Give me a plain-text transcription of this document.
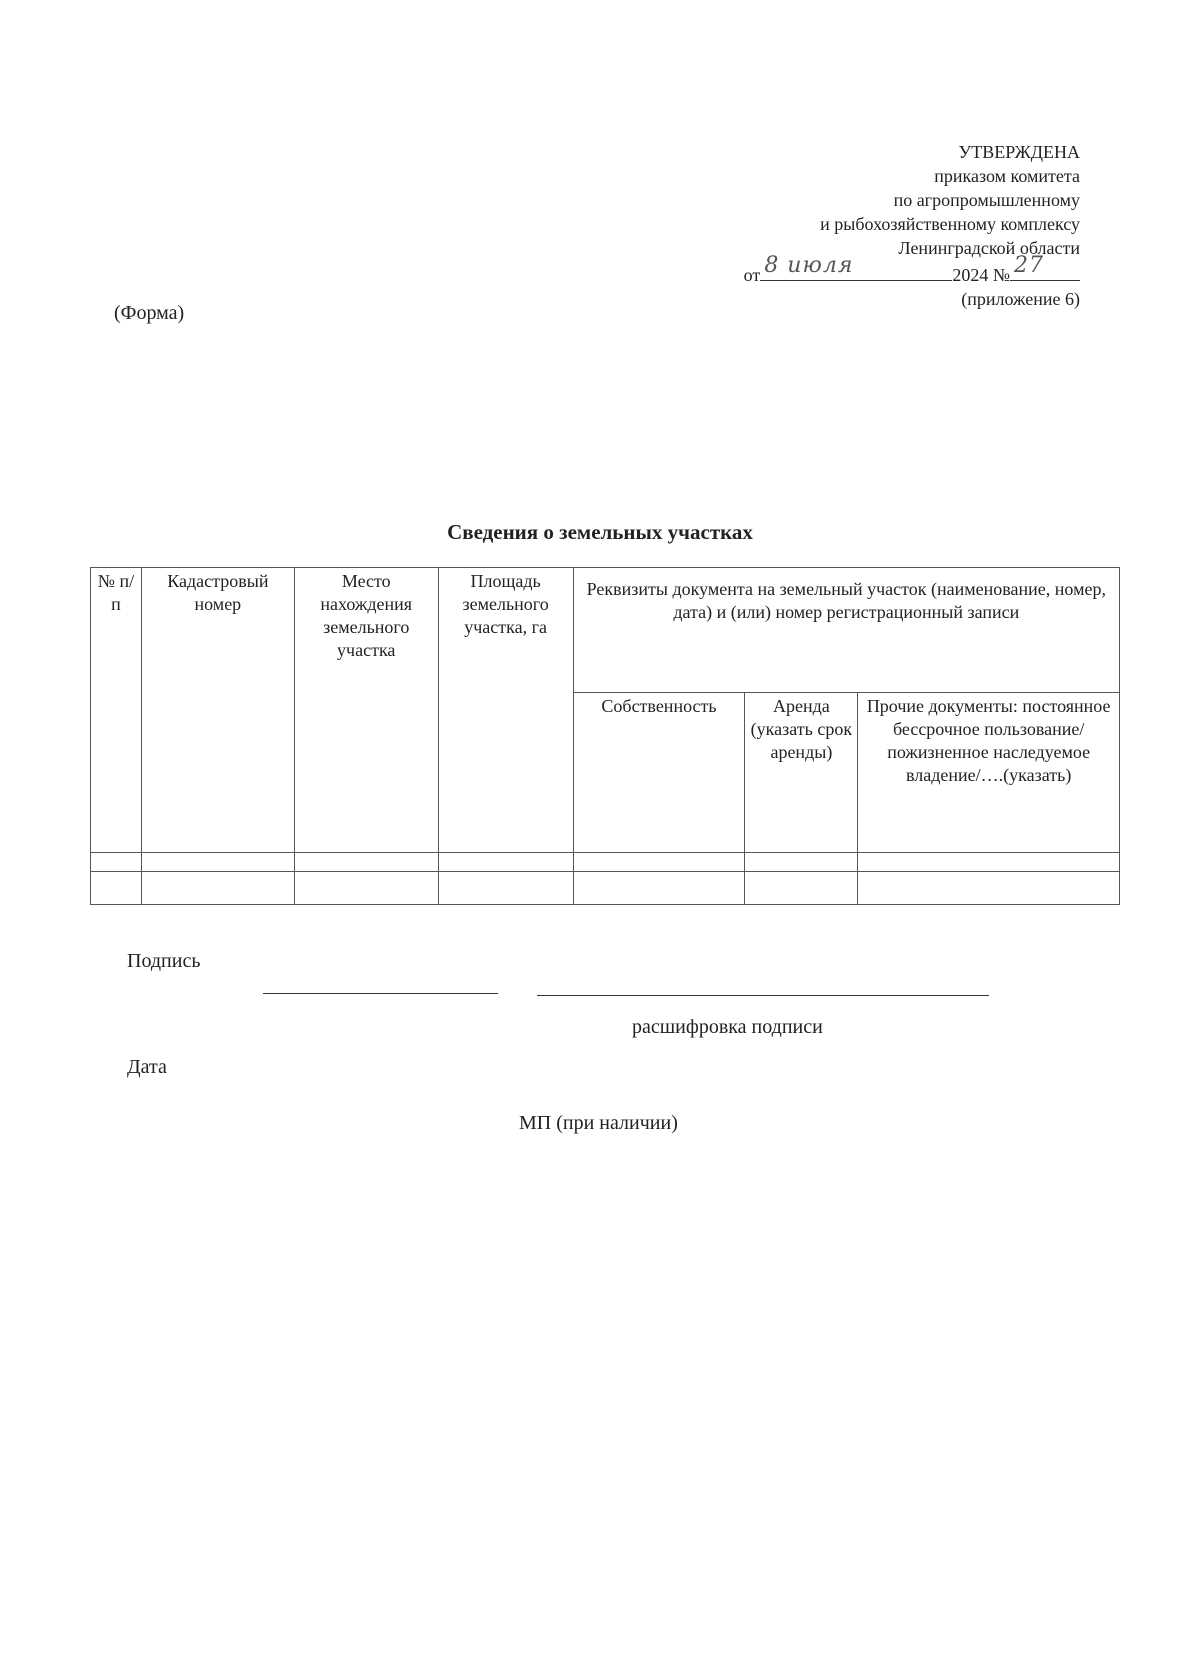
УТВЕРЖДЕНА
приказом комитета
по агропромышленному
и рыбохозяйственному комплексу
Ленинградской области
от 8 июля	2024 № 27
(приложение 6)
(Форма)
Сведения о земельных участках
№ п/п	Кадастровый номер	Место нахождения земельного участка	Площадь земельного участка, га	Реквизиты документа на земельный участок (наименование, номер, дата) и (или) номер регистрационный записи		
				Собственность	Аренда (указать срок аренды)	Прочие документы: постоянное бессрочное пользование/ пожизненное наследуемое владение/….(указать)

Подпись
расшифровка подписи
Дата
МП (при наличии)
